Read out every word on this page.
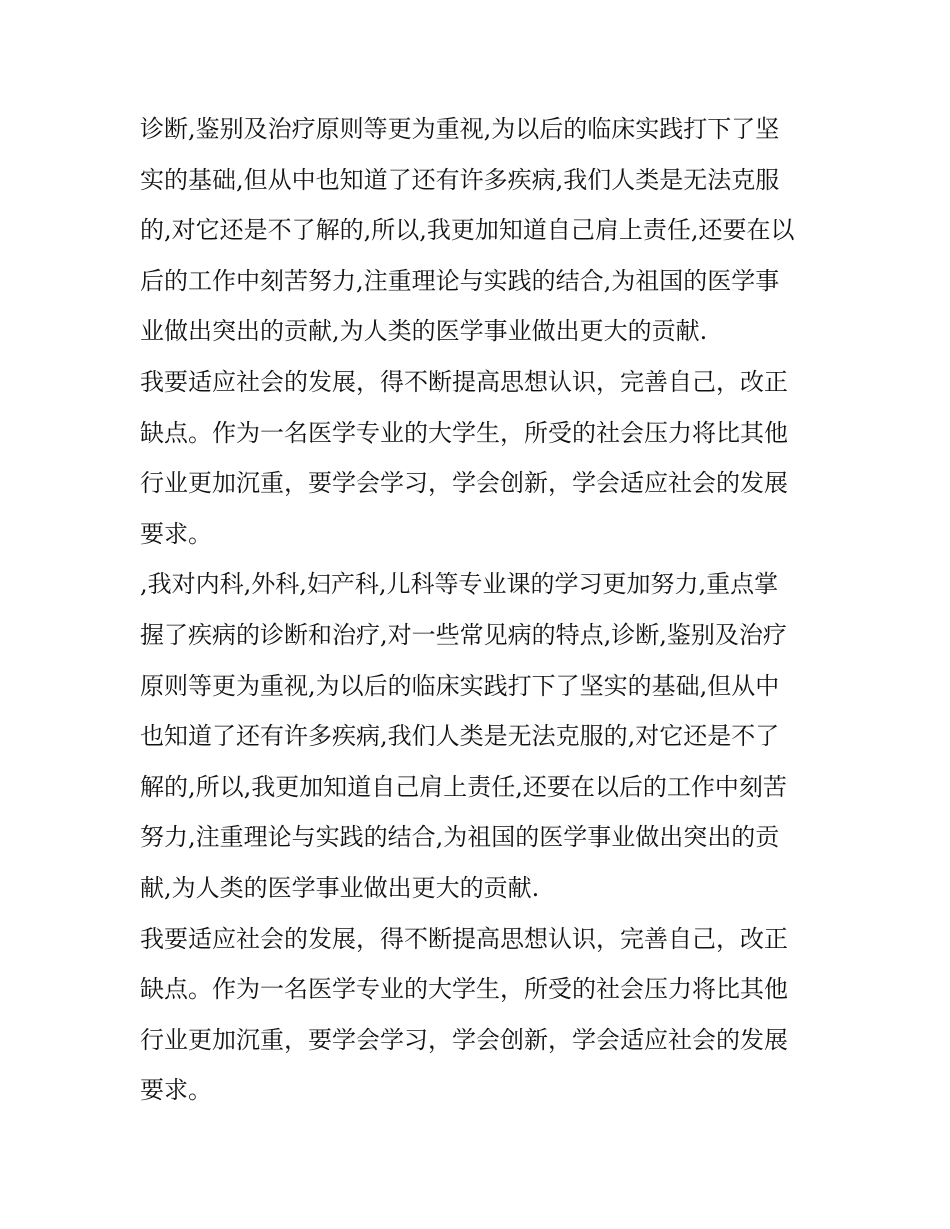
诊断,鉴别及治疗原则等更为重视,为以后的临床实践打下了坚
实的基础,但从中也知道了还有许多疾病,我们人类是无法克服
的,对它还是不了解的,所以,我更加知道自己肩上责任,还要在以
后的工作中刻苦努力,注重理论与实践的结合,为祖国的医学事
业做出突出的贡献,为人类的医学事业做出更大的贡献.
我要适应社会的发展，得不断提高思想认识，完善自己，改正
缺点。作为一名医学专业的大学生，所受的社会压力将比其他
行业更加沉重，要学会学习，学会创新，学会适应社会的发展
要求。
,我对内科,外科,妇产科,儿科等专业课的学习更加努力,重点掌
握了疾病的诊断和治疗,对一些常见病的特点,诊断,鉴别及治疗
原则等更为重视,为以后的临床实践打下了坚实的基础,但从中
也知道了还有许多疾病,我们人类是无法克服的,对它还是不了
解的,所以,我更加知道自己肩上责任,还要在以后的工作中刻苦
努力,注重理论与实践的结合,为祖国的医学事业做出突出的贡
献,为人类的医学事业做出更大的贡献.
我要适应社会的发展，得不断提高思想认识，完善自己，改正
缺点。作为一名医学专业的大学生，所受的社会压力将比其他
行业更加沉重，要学会学习，学会创新，学会适应社会的发展
要求。
